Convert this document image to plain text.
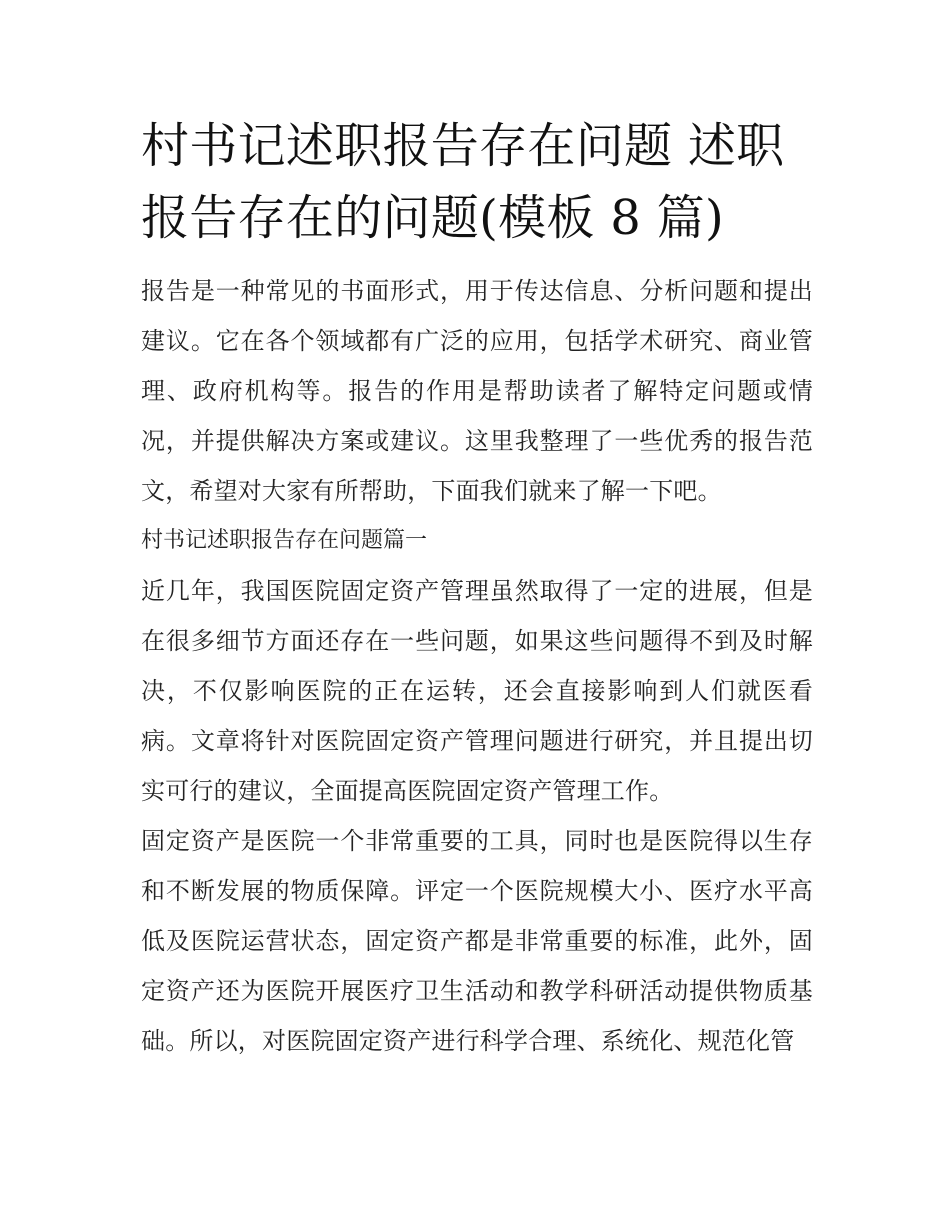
村书记述职报告存在问题 述职报告存在的问题(模板 8 篇)

报告是一种常见的书面形式，用于传达信息、分析问题和提出建议。它在各个领域都有广泛的应用，包括学术研究、商业管理、政府机构等。报告的作用是帮助读者了解特定问题或情况，并提供解决方案或建议。这里我整理了一些优秀的报告范文，希望对大家有所帮助，下面我们就来了解一下吧。

村书记述职报告存在问题篇一

近几年，我国医院固定资产管理虽然取得了一定的进展，但是在很多细节方面还存在一些问题，如果这些问题得不到及时解决，不仅影响医院的正在运转，还会直接影响到人们就医看病。文章将针对医院固定资产管理问题进行研究，并且提出切实可行的建议，全面提高医院固定资产管理工作。

固定资产是医院一个非常重要的工具，同时也是医院得以生存和不断发展的物质保障。评定一个医院规模大小、医疗水平高低及医院运营状态，固定资产都是非常重要的标准，此外，固定资产还为医院开展医疗卫生活动和教学科研活动提供物质基础。所以，对医院固定资产进行科学合理、系统化、规范化管
